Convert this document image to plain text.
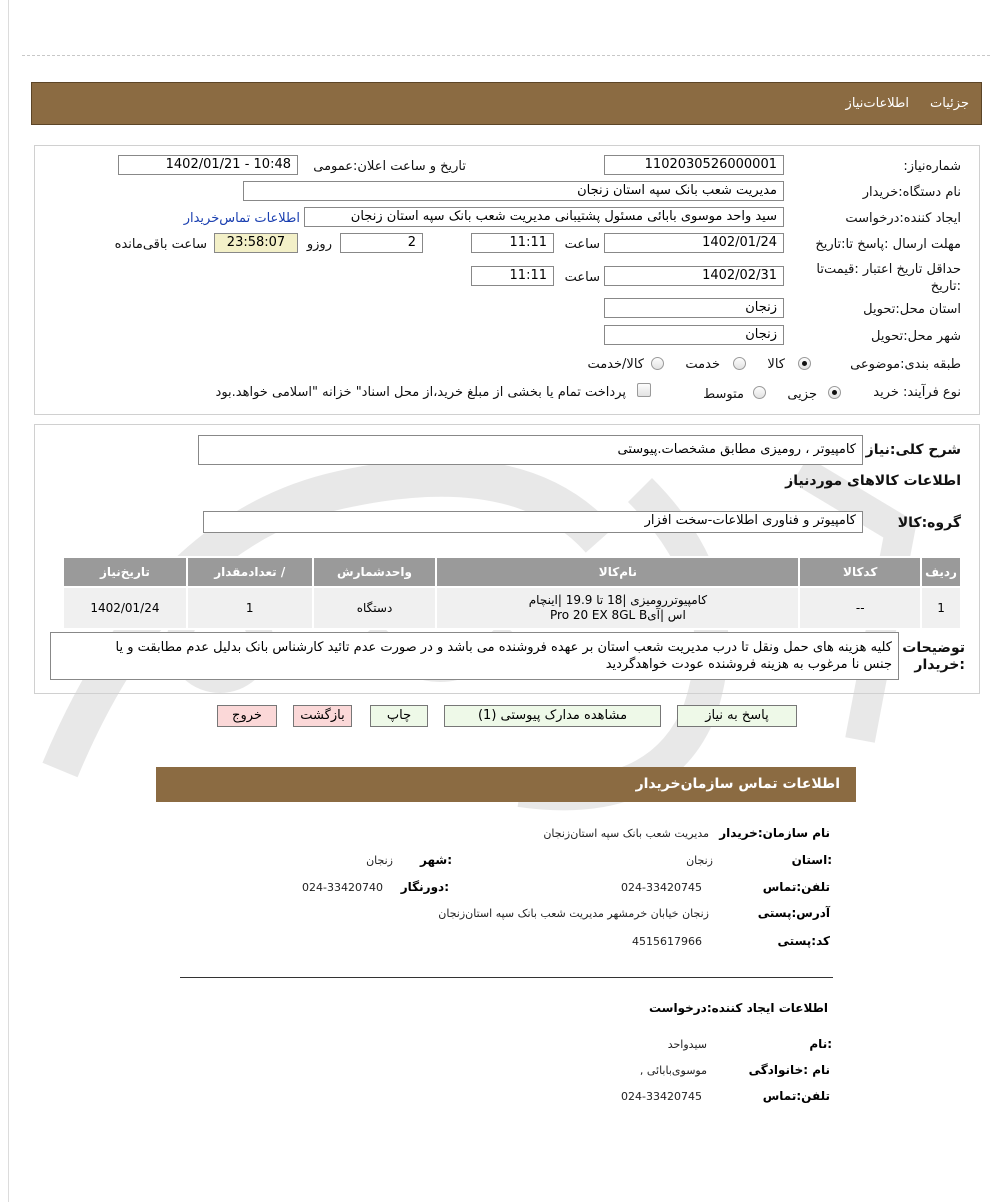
جزئیات
اطلاعات‌نیاز
شماره‌نیاز:
1102030526000001
تاریخ و ساعت اعلان:عمومی
1402/01/21 - 10:48
نام دستگاه:خریدار
مدیریت شعب بانک سپه استان زنجان
ایجاد کننده:درخواست
سید واحد موسوی بابائی مسئول پشتیبانی مدیریت شعب بانک سپه استان زنجان
اطلاعات تماس‌خریدار
مهلت ارسال :پاسخ تا:تاریخ
1402/01/24
ساعت
11:11
2
روزو
23:58:07
ساعت باقی‌مانده
حداقل تاریخ اعتبار :قیمت‌تا
:تاریخ
1402/02/31
ساعت
11:11
استان محل:تحویل
زنجان
شهر محل:تحویل
زنجان
طبقه بندی:موضوعی
کالا
خدمت
کالا/خدمت
نوع فرآیند: خرید
جزیی
متوسط
پرداخت تمام یا بخشی از مبلغ خرید،از محل اسناد" خزانه "اسلامی خواهد.بود
شرح کلی:نیاز
کامپیوتر ، رومیزی مطابق مشخصات.پیوستی
اطلاعات کالاهای موردنیاز
گروه:کالا
کامپیوتر و فناوری اطلاعات-سخت افزار
ردیف	کدکالا	نام‌کالا	واحدشمارش	/ تعدادمقدار	تاریخ‌نیاز
1	--	کامپیوتررومیزی |18 تا 19.9 |اینچام
اس |آیPro 20 EX 8GL B	دستگاه	1	1402/01/24
توضیحات
:خریدار
کلیه هزینه های حمل ونقل تا درب مدیریت شعب استان بر عهده فروشنده می باشد و در صورت عدم تائید کارشناس بانک بدلیل عدم مطابقت و یا
جنس نا مرغوب به هزینه فروشنده عودت خواهدگردید
پاسخ به نیاز
مشاهده مدارک پیوستی (1)
چاپ
بازگشت
خروج
اطلاعات تماس سازمان‌خریدار
نام سازمان:خریدار
مدیریت شعب بانک سپه استان‌زنجان
:استان
زنجان
:شهر
زنجان
تلفن:تماس
024-33420745
:دورنگار
024-33420740
آدرس:پستی
زنجان خیابان خرمشهر مدیریت شعب بانک سپه استان‌زنجان
کد:پستی
4515617966
اطلاعات ایجاد کننده:درخواست
:نام
سیدواحد
نام :خانوادگی
موسوی‌بابائی ,
تلفن:تماس
024-33420745
